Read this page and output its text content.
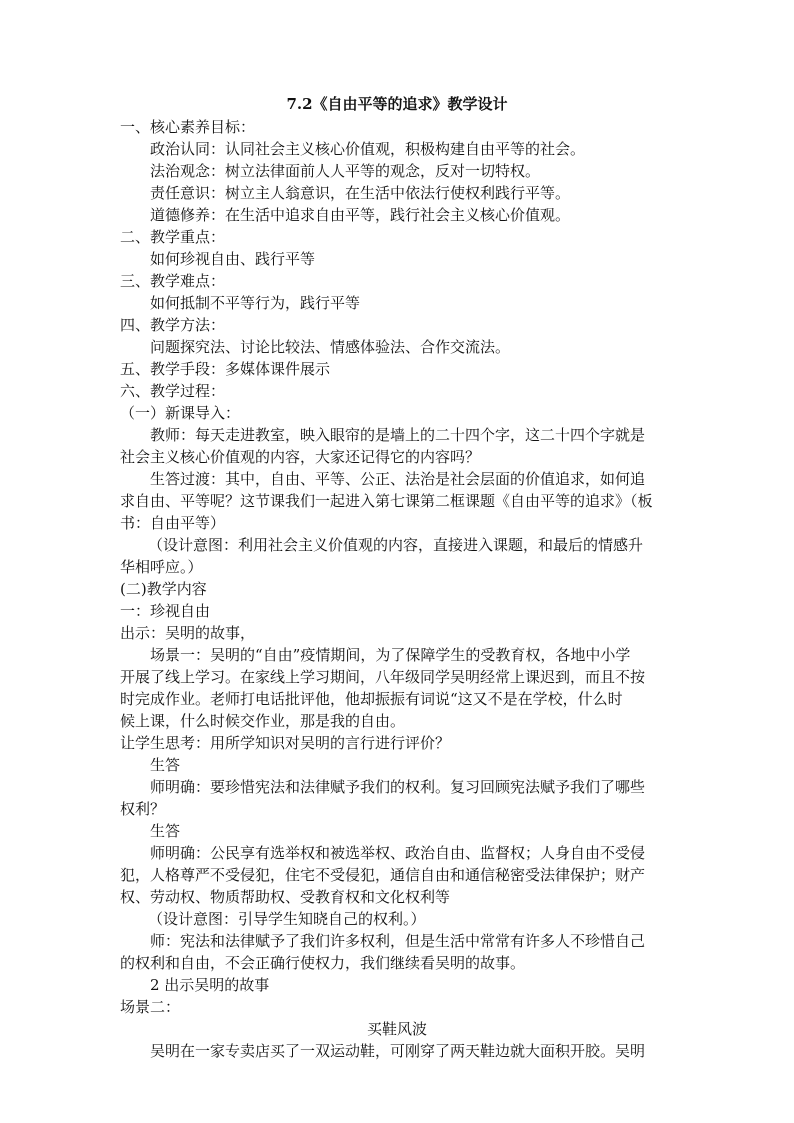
7.2《自由平等的追求》教学设计
一、核心素养目标：
政治认同：认同社会主义核心价值观，积极构建自由平等的社会。
法治观念：树立法律面前人人平等的观念，反对一切特权。
责任意识：树立主人翁意识，在生活中依法行使权利践行平等。
道德修养：在生活中追求自由平等，践行社会主义核心价值观。
二、教学重点：
如何珍视自由、践行平等
三、教学难点：
如何抵制不平等行为，践行平等
四、教学方法：
问题探究法、讨论比较法、情感体验法、合作交流法。
五、教学手段：多媒体课件展示
六、教学过程：
（一）新课导入：
教师：每天走进教室，映入眼帘的是墙上的二十四个字，这二十四个字就是
社会主义核心价值观的内容，大家还记得它的内容吗？
生答过渡：其中，自由、平等、公正、法治是社会层面的价值追求，如何追
求自由、平等呢？这节课我们一起进入第七课第二框课题《自由平等的追求》（板
书：自由平等）
（设计意图：利用社会主义价值观的内容，直接进入课题，和最后的情感升
华相呼应。）
(二)教学内容
一：珍视自由
出示：吴明的故事，
场景一：吴明的“自由”疫情期间，为了保障学生的受教育权，各地中小学
开展了线上学习。在家线上学习期间，八年级同学吴明经常上课迟到，而且不按
时完成作业。老师打电话批评他，他却振振有词说“这又不是在学校，什么时
候上课，什么时候交作业，那是我的自由。
让学生思考：用所学知识对吴明的言行进行评价？
生答
师明确：要珍惜宪法和法律赋予我们的权利。复习回顾宪法赋予我们了哪些
权利？
生答
师明确：公民享有选举权和被选举权、政治自由、监督权；人身自由不受侵
犯，人格尊严不受侵犯，住宅不受侵犯，通信自由和通信秘密受法律保护；财产
权、劳动权、物质帮助权、受教育权和文化权利等
（设计意图：引导学生知晓自己的权利。）
师：宪法和法律赋予了我们许多权利，但是生活中常常有许多人不珍惜自己
的权利和自由，不会正确行使权力，我们继续看吴明的故事。
2 出示吴明的故事
场景二：
买鞋风波
吴明在一家专卖店买了一双运动鞋，可刚穿了两天鞋边就大面积开胶。吴明
